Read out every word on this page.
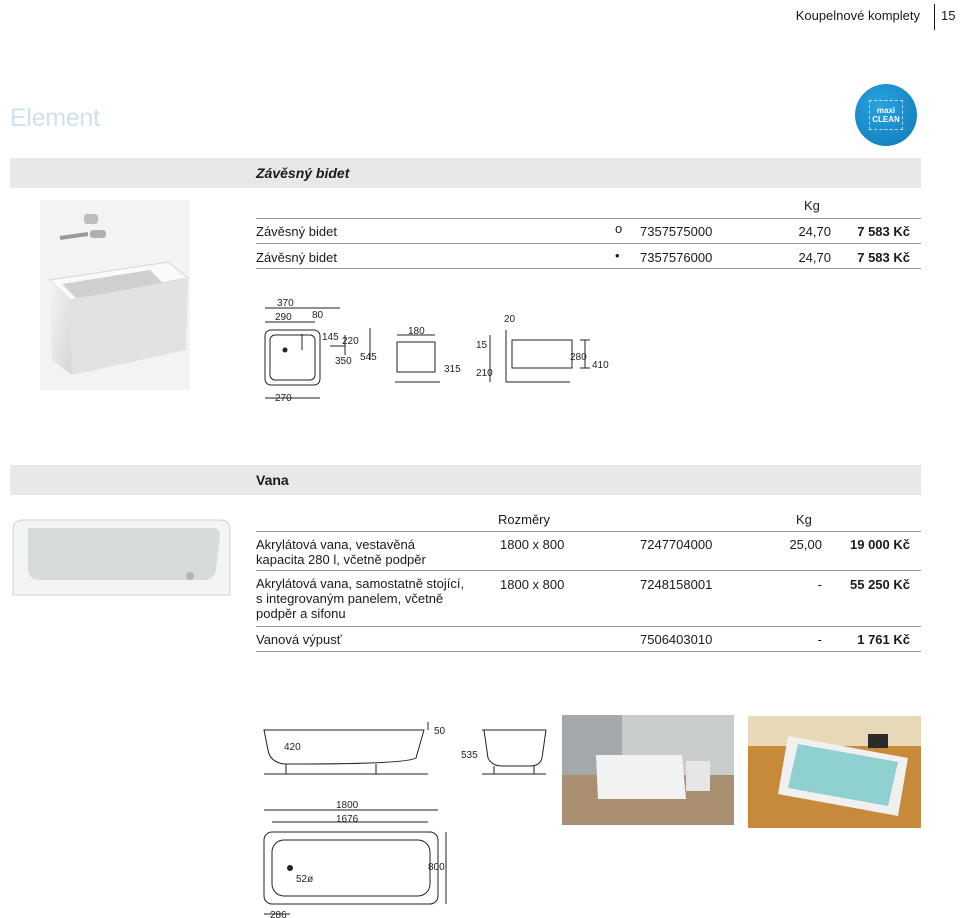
Koupelnové komplety 15
Element	maxi
CLEAN
Závěsný bidet
Kg
Závěsný bidet	o 7357575000	24,70	7 583 Kč
Závěsný bidet	• 7357576000	24,70	7 583 Kč
370
290 80
145 220
350 545
270
180
315
15
210
20
280
410
Vana
Rozměry	Kg
Akrylátová vana, vestavěná
kapacita 280 l, včetně podpěr
1800 x 800	7247704000	25,00	19 000 Kč
Akrylátová vana, samostatně stojící,
s integrovaným panelem, včetně
podpěr a sifonu
1800 x 800	7248158001	-	55 250 Kč
Vanová výpusť	7506403010	-	1 761 Kč
420
50
535
1800
1676
800
52ø
286
